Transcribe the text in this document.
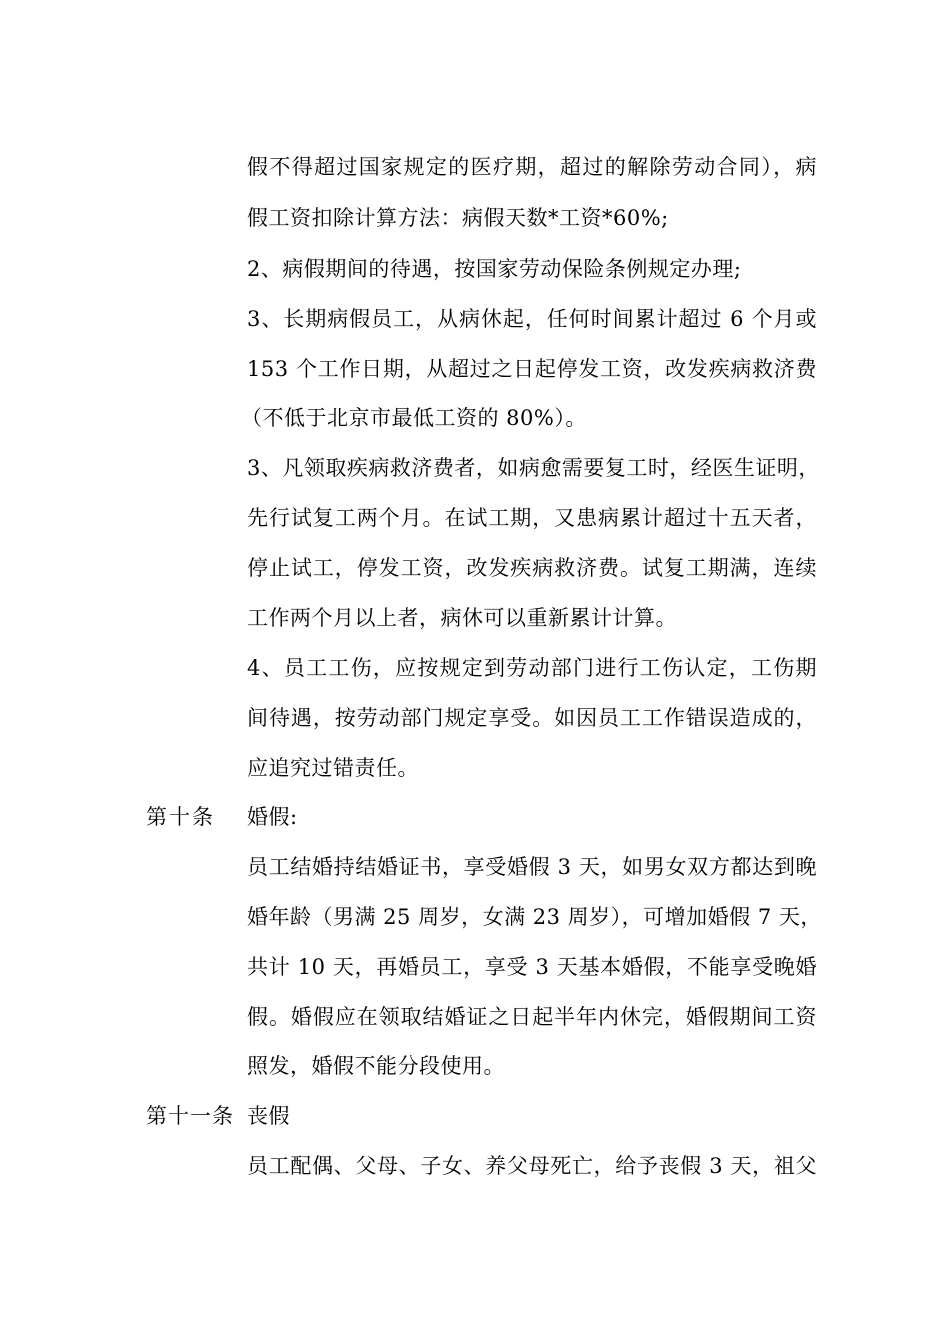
假不得超过国家规定的医疗期，超过的解除劳动合同），病
假工资扣除计算方法：病假天数*工资*60%;
2、病假期间的待遇，按国家劳动保险条例规定办理;
3、长期病假员工，从病休起，任何时间累计超过 6 个月或
153 个工作日期，从超过之日起停发工资，改发疾病救济费
（不低于北京市最低工资的 80%）。
3、凡领取疾病救济费者，如病愈需要复工时，经医生证明，
先行试复工两个月。在试工期，又患病累计超过十五天者，
停止试工，停发工资，改发疾病救济费。试复工期满，连续
工作两个月以上者，病休可以重新累计计算。
4、员工工伤，应按规定到劳动部门进行工伤认定，工伤期
间待遇，按劳动部门规定享受。如因员工工作错误造成的，
应追究过错责任。
第十条 婚假:
员工结婚持结婚证书，享受婚假 3 天，如男女双方都达到晚
婚年龄（男满 25 周岁，女满 23 周岁），可增加婚假 7 天，
共计 10 天，再婚员工，享受 3 天基本婚假，不能享受晚婚
假。婚假应在领取结婚证之日起半年内休完，婚假期间工资
照发，婚假不能分段使用。
第十一条 丧假
员工配偶、父母、子女、养父母死亡，给予丧假 3 天，祖父
